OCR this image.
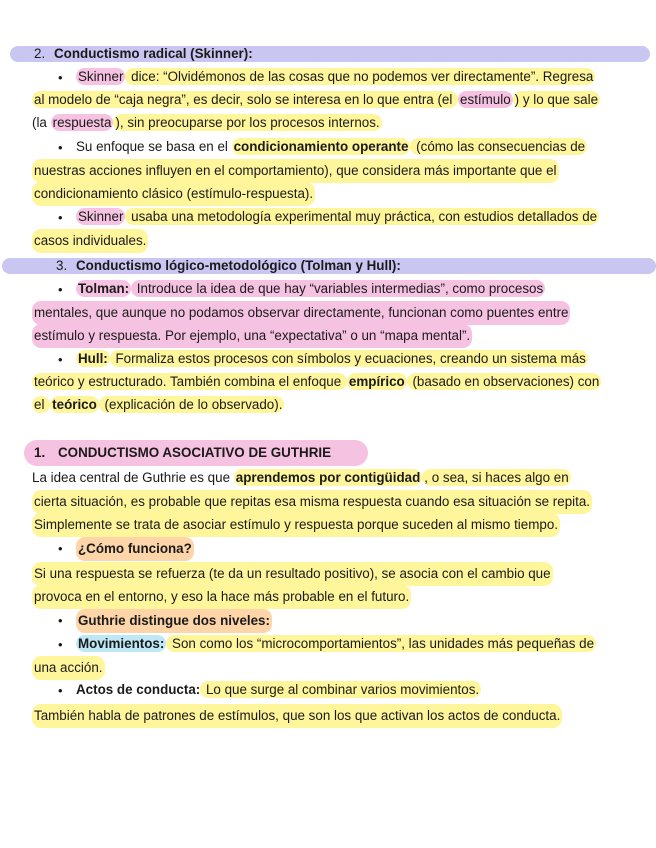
2. Conductismo radical (Skinner):
• Skinner dice: “Olvidémonos de las cosas que no podemos ver directamente”. Regresa
al modelo de “caja negra”, es decir, solo se interesa en lo que entra (el estímulo ) y lo que sale
(la respuesta ), sin preocuparse por los procesos internos.
• Su enfoque se basa en el condicionamiento operante (cómo las consecuencias de
nuestras acciones influyen en el comportamiento), que considera más importante que el
condicionamiento clásico (estímulo-respuesta).
• Skinner usaba una metodología experimental muy práctica, con estudios detallados de
casos individuales.
3. Conductismo lógico-metodológico (Tolman y Hull):
• Tolman: Introduce la idea de que hay “variables intermedias”, como procesos
mentales, que aunque no podamos observar directamente, funcionan como puentes entre
estímulo y respuesta. Por ejemplo, una “expectativa” o un “mapa mental”.
• Hull: Formaliza estos procesos con símbolos y ecuaciones, creando un sistema más
teórico y estructurado. También combina el enfoque empírico (basado en observaciones) con
el teórico (explicación de lo observado).
1. CONDUCTISMO ASOCIATIVO DE GUTHRIE
La idea central de Guthrie es que aprendemos por contigüidad , o sea, si haces algo en
cierta situación, es probable que repitas esa misma respuesta cuando esa situación se repita.
Simplemente se trata de asociar estímulo y respuesta porque suceden al mismo tiempo.
• ¿Cómo funciona?
Si una respuesta se refuerza (te da un resultado positivo), se asocia con el cambio que
provoca en el entorno, y eso la hace más probable en el futuro.
• Guthrie distingue dos niveles:
• Movimientos: Son como los “microcomportamientos”, las unidades más pequeñas de
una acción.
• Actos de conducta: Lo que surge al combinar varios movimientos.
También habla de patrones de estímulos, que son los que activan los actos de conducta.
